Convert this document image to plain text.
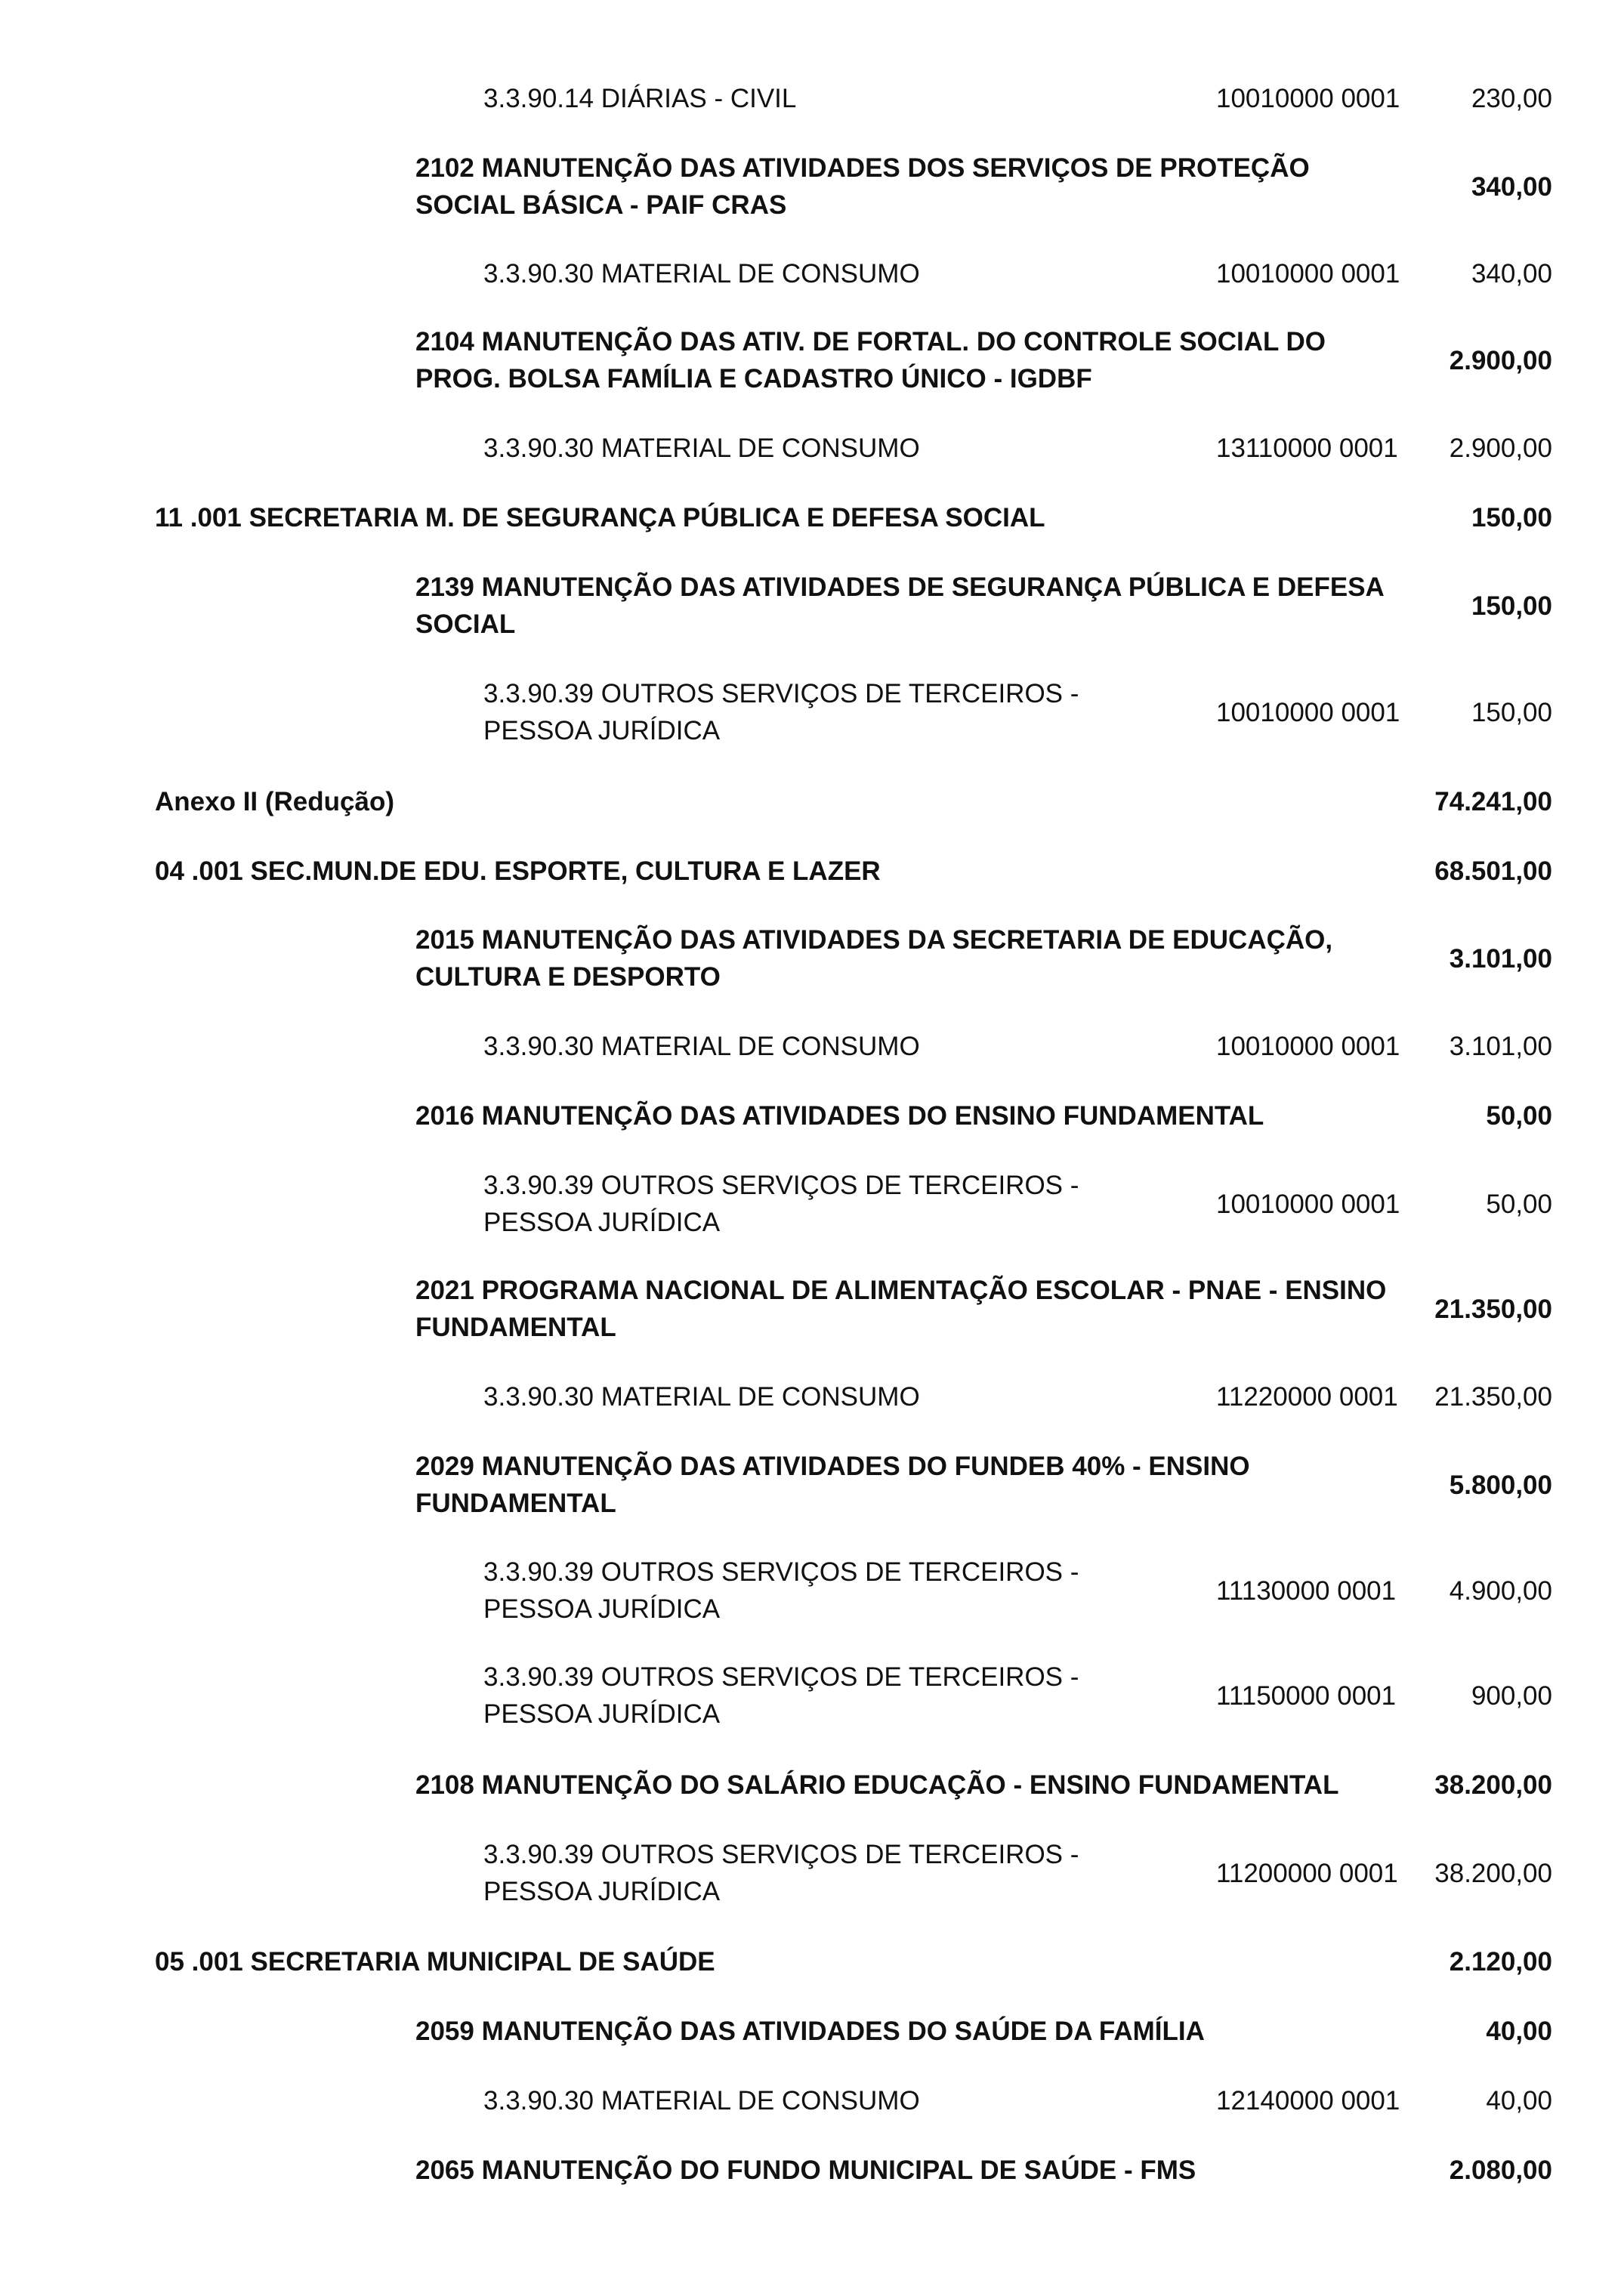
3.3.90.14 DIÁRIAS - CIVIL	10010000 0001	230,00
2102 MANUTENÇÃO DAS ATIVIDADES DOS SERVIÇOS DE PROTEÇÃO
SOCIAL BÁSICA - PAIF CRAS
340,00
3.3.90.30 MATERIAL DE CONSUMO	10010000 0001	340,00
2104 MANUTENÇÃO DAS ATIV. DE FORTAL. DO CONTROLE SOCIAL DO
PROG. BOLSA FAMÍLIA E CADASTRO ÚNICO - IGDBF
2.900,00
3.3.90.30 MATERIAL DE CONSUMO	13110000 0001 2.900,00
11 .001 SECRETARIA M. DE SEGURANÇA PÚBLICA E DEFESA SOCIAL	150,00
2139 MANUTENÇÃO DAS ATIVIDADES DE SEGURANÇA PÚBLICA E DEFESA
SOCIAL
150,00
3.3.90.39 OUTROS SERVIÇOS DE TERCEIROS -
PESSOA JURÍDICA
10010000 0001	150,00
Anexo II (Redução)	74.241,00
04 .001 SEC.MUN.DE EDU. ESPORTE, CULTURA E LAZER	68.501,00
2015 MANUTENÇÃO DAS ATIVIDADES DA SECRETARIA DE EDUCAÇÃO,
CULTURA E DESPORTO
3.101,00
3.3.90.30 MATERIAL DE CONSUMO	10010000 0001 3.101,00
2016 MANUTENÇÃO DAS ATIVIDADES DO ENSINO FUNDAMENTAL	50,00
3.3.90.39 OUTROS SERVIÇOS DE TERCEIROS -
PESSOA JURÍDICA
10010000 0001	50,00
2021 PROGRAMA NACIONAL DE ALIMENTAÇÃO ESCOLAR - PNAE - ENSINO
FUNDAMENTAL
21.350,00
3.3.90.30 MATERIAL DE CONSUMO	11220000 0001 21.350,00
2029 MANUTENÇÃO DAS ATIVIDADES DO FUNDEB 40% - ENSINO
FUNDAMENTAL
5.800,00
3.3.90.39 OUTROS SERVIÇOS DE TERCEIROS -
PESSOA JURÍDICA
11130000 0001	4.900,00
3.3.90.39 OUTROS SERVIÇOS DE TERCEIROS -
PESSOA JURÍDICA
11150000 0001	900,00
2108 MANUTENÇÃO DO SALÁRIO EDUCAÇÃO - ENSINO FUNDAMENTAL	38.200,00
3.3.90.39 OUTROS SERVIÇOS DE TERCEIROS -
PESSOA JURÍDICA
11200000 0001 38.200,00
05 .001 SECRETARIA MUNICIPAL DE SAÚDE	2.120,00
2059 MANUTENÇÃO DAS ATIVIDADES DO SAÚDE DA FAMÍLIA	40,00
3.3.90.30 MATERIAL DE CONSUMO	12140000 0001	40,00
2065 MANUTENÇÃO DO FUNDO MUNICIPAL DE SAÚDE - FMS	2.080,00
